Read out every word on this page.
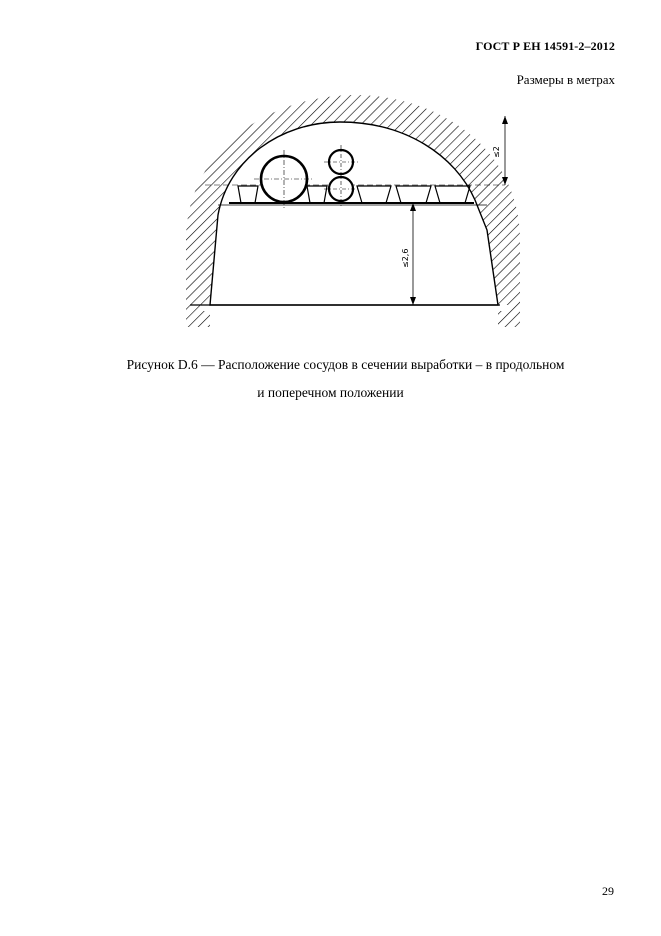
ГОСТ Р ЕН 14591-2–2012
Размеры в метрах
≤2
≤2,6
Рисунок D.6 — Расположение сосудов в сечении выработки – в продольном
и поперечном положении
29
